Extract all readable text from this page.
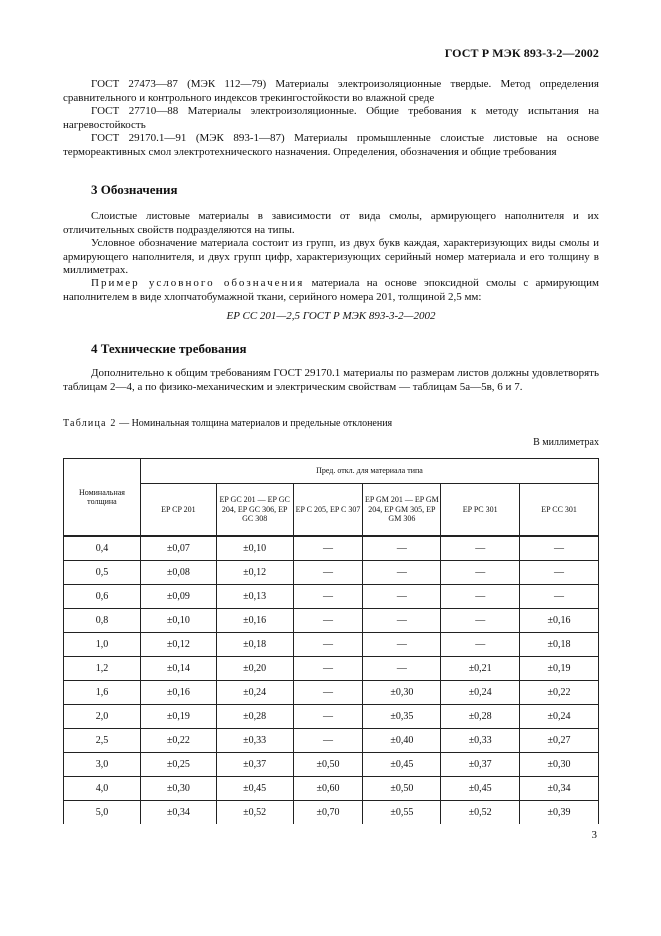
ГОСТ Р МЭК 893-3-2—2002

ГОСТ 27473—87 (МЭК 112—79) Материалы электроизоляционные твердые. Метод определения сравнительного и контрольного индексов трекингостойкости во влажной среде

ГОСТ 27710—88 Материалы электроизоляционные. Общие требования к методу испытания на нагревостойкость

ГОСТ 29170.1—91 (МЭК 893-1—87) Материалы промышленные слоистые листовые на основе термореактивных смол электротехнического назначения. Определения, обозначения и общие требования

3 Обозначения

Слоистые листовые материалы в зависимости от вида смолы, армирующего наполнителя и их отличительных свойств подразделяются на типы.

Условное обозначение материала состоит из групп, из двух букв каждая, характеризующих виды смолы и армирующего наполнителя, и двух групп цифр, характеризующих серийный номер материала и его толщину в миллиметрах.

Пример условного обозначения материала на основе эпоксидной смолы с армирующим наполнителем в виде хлопчатобумажной ткани, серийного номера 201, толщиной 2,5 мм:

EP CC 201—2,5 ГОСТ Р МЭК 893-3-2—2002
4 Технические требования

Дополнительно к общим требованиям ГОСТ 29170.1 материалы по размерам листов должны удовлетворять таблицам 2—4, а по физико-механическим и электрическим свойствам — таблицам 5а—5в, 6 и 7.

Таблица 2 — Номинальная толщина материалов и предельные отклонения
В миллиметрах
Номинальная толщина	Пред. откл. для материала типа					
	EP CP 201	EP GC 201 — EP GC 204, EP GC 306, EP GC 308	EP C 205, EP C 307	EP GM 201 — EP GM 204, EP GM 305, EP GM 306	EP PC 301	EP CC 301
0,4	±0,07	±0,10	—	—	—	—
0,5	±0,08	±0,12	—	—	—	—
0,6	±0,09	±0,13	—	—	—	—
0,8	±0,10	±0,16	—	—	—	±0,16
1,0	±0,12	±0,18	—	—	—	±0,18
1,2	±0,14	±0,20	—	—	±0,21	±0,19
1,6	±0,16	±0,24	—	±0,30	±0,24	±0,22
2,0	±0,19	±0,28	—	±0,35	±0,28	±0,24
2,5	±0,22	±0,33	—	±0,40	±0,33	±0,27
3,0	±0,25	±0,37	±0,50	±0,45	±0,37	±0,30
4,0	±0,30	±0,45	±0,60	±0,50	±0,45	±0,34
5,0	±0,34	±0,52	±0,70	±0,55	±0,52	±0,39
3
